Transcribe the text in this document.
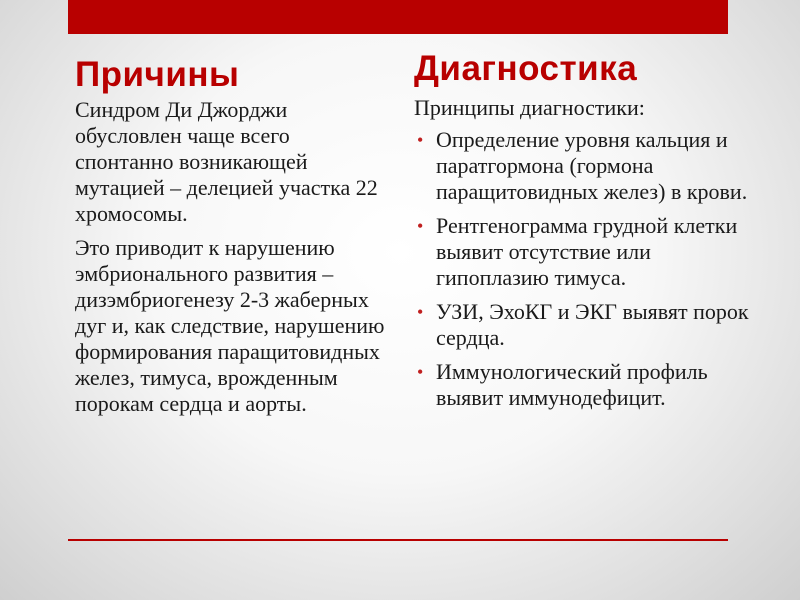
Причины

Синдром Ди Джорджи обусловлен чаще всего спонтанно возникающей мутацией – делецией участка 22 хромосомы.

Это приводит к нарушению эмбрионального развития – дизэмбриогенезу 2-3 жаберных дуг и, как следствие, нарушению формирования паращитовидных желез, тимуса, врожденным порокам сердца и аорты.

Диагностика

Принципы диагностики:

• Определение уровня кальция и паратгормона (гормона паращитовидных желез) в крови.
• Рентгенограмма грудной клетки выявит отсутствие или гипоплазию тимуса.
• УЗИ, ЭхоКГ и ЭКГ выявят порок сердца.
• Иммунологический профиль выявит иммунодефицит.
